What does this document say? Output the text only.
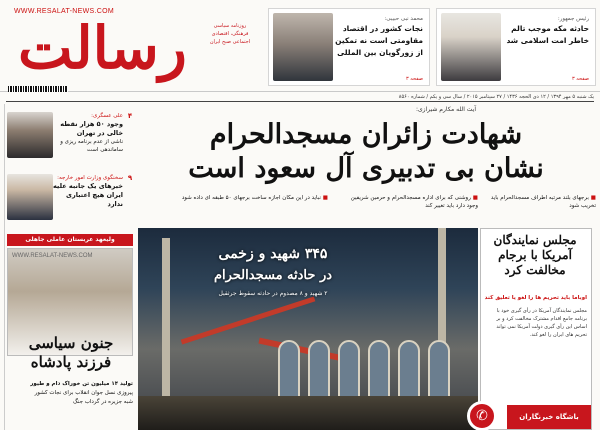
WWW.RESALAT-NEWS.COM
رسالت	روزنامه سیاسی فرهنگی، اقتصادی اجتماعی صبح ایران
محمد نبی حبیبی:
نجات کشور در اقتصاد مقاومتی است نه تمکین از زورگویان بین المللی
صفحه ۳
رئیس جمهور:
حادثه مکه موجب تالم خاطر امت اسلامی شد
صفحه ۳
یک شنبه ۵ مهر ۱۳۹۴ / ۱۲ ذی الحجه ۱۴۳۶ / ۲۷ سپتامبر ۲۰۱۵ / سال سی و یکم / شماره ۸۵۶۰
۴
علی عسگری:
وجود ۵۰ هزار نقطه خالی در تهران
ناشی از عدم برنامه ریزی و ساماندهی است
۹
سخنگوی وزارت امور خارجه:
خبرهای یک جانبه علیه ایران هیچ اعتباری ندارد
ولیعهد عربستان عاملی جاهلی
WWW.RESALAT-NEWS.COM
جنون سیاسی فرزند پادشاه
تولید ۱۴ میلیون تن خوراک دام و طیور
پیروزی نسل جوان انقلاب برای نجات کشور
شبه جزیره در گرداب جنگ
آیت الله مکارم شیرازی:
شهادت زائران مسجدالحرام
نشان بی تدبیری آل سعود است
■ برجهای بلند مرتبه اطراف مسجدالحرام باید تخریب شود
■ روشنی که برای اداره مسجدالحرام و حرمین شریفین وجود دارد باید تغییر کند
■ نباید در این مکان اجازه ساخت برجهای ۵۰ طبقه ای داده شود
۳۴۵ شهید و زخمی
در حادثه مسجدالحرام
۲ شهید و ۸ مصدوم در حادثه سقوط جرثقیل
مجلس نمایندگان آمریکا با برجام مخالفت کرد
اوباما باید تحریم ها را لغو یا تعلیق کند
مجلس نمایندگان آمریکا در رأی گیری خود با برنامه جامع اقدام مشترک مخالفت کرد و بر اساس این رأی گیری دولت آمریکا نمی تواند تحریم های ایران را لغو کند.
باشگاه خبرنگاران
✆
